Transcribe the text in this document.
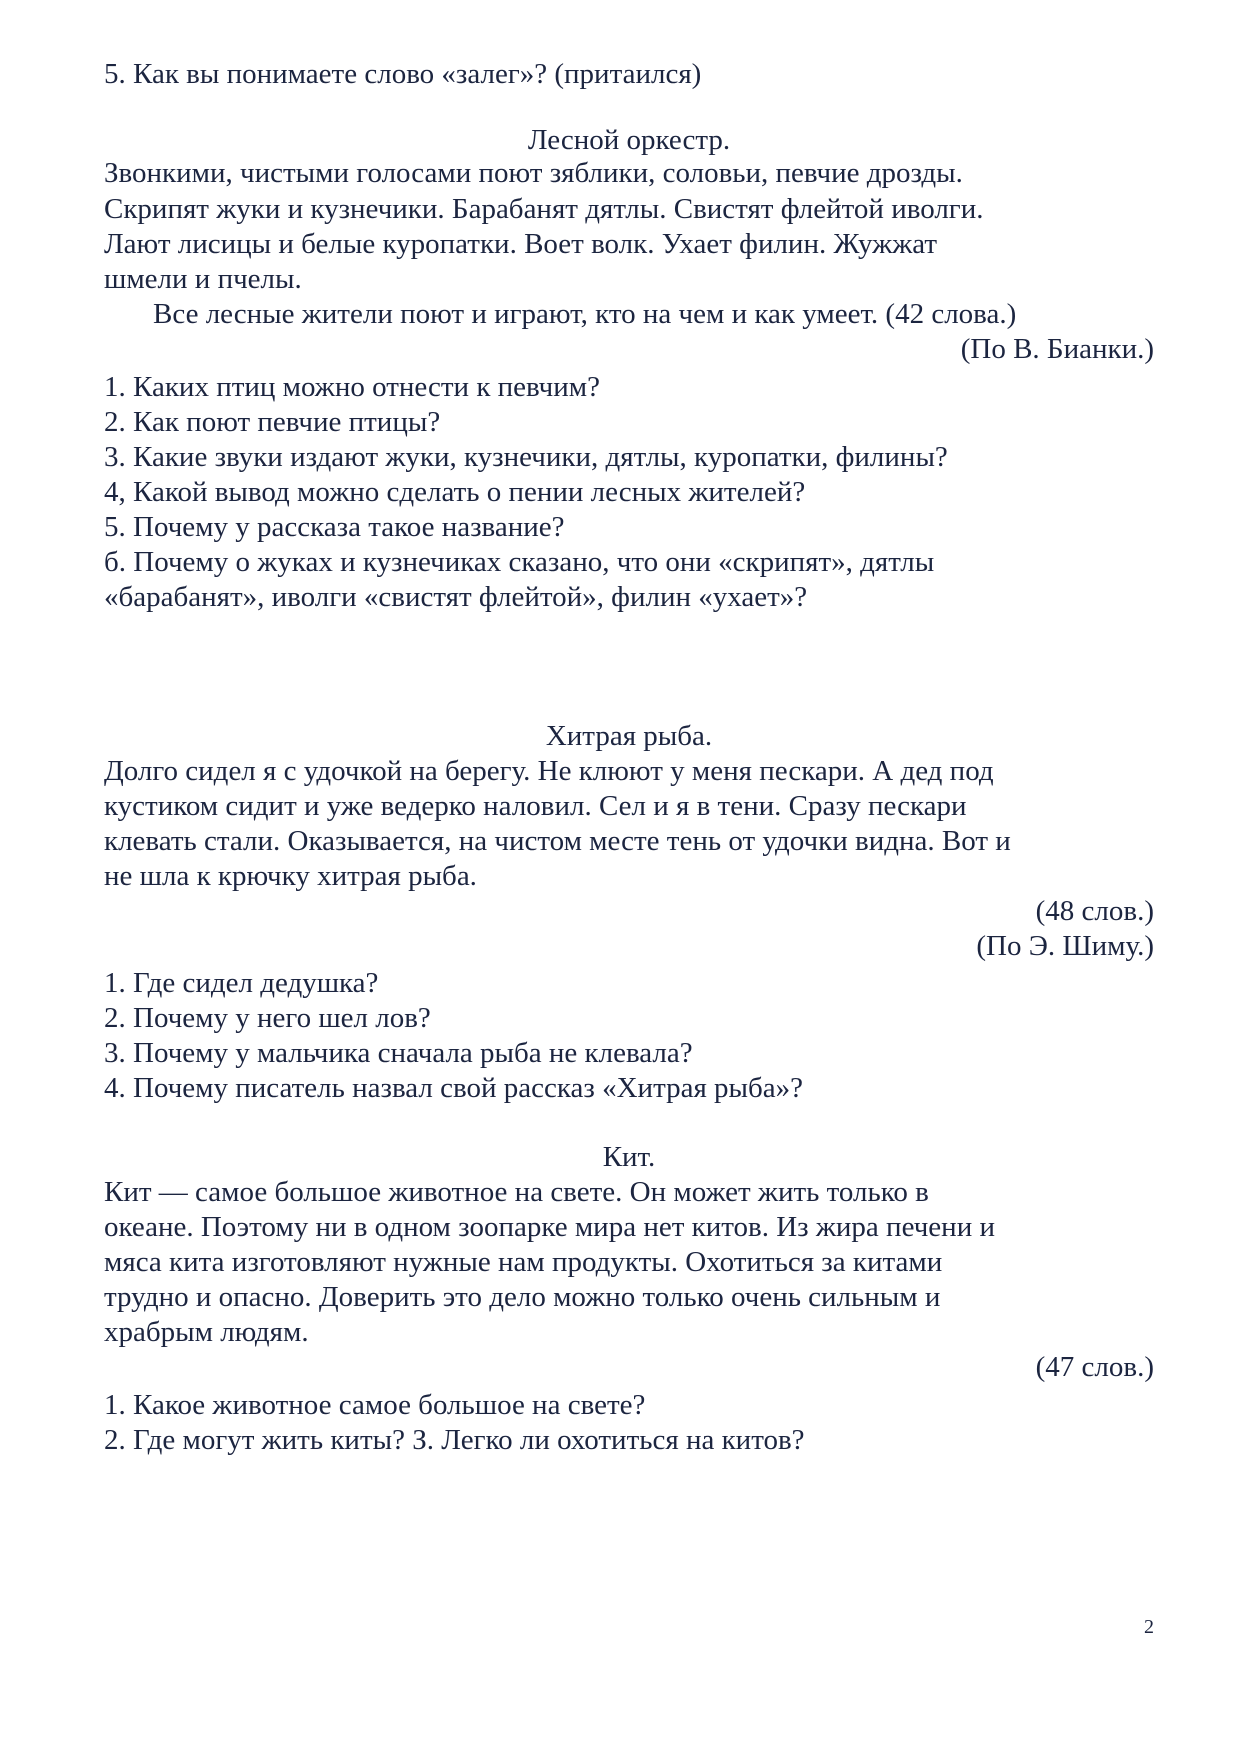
5. Как вы понимаете слово «залег»? (притаился)

Лесной оркестр.

Звонкими, чистыми голосами поют зяблики, соловьи, певчие дрозды.

Скрипят жуки и кузнечики. Барабанят дятлы. Свистят флейтой иволги.

Лают лисицы и белые куропатки. Воет волк. Ухает филин. Жужжат

шмели и пчелы.

Все лесные жители поют и играют, кто на чем и как умеет. (42 слова.)

(По В. Бианки.)

1. Каких птиц можно отнести к певчим?

2. Как поют певчие птицы?

3. Какие звуки издают жуки, кузнечики, дятлы, куропатки, филины?

4, Какой вывод можно сделать о пении лесных жителей?

5. Почему у рассказа такое название?

б. Почему о жуках и кузнечиках сказано, что они «скрипят», дятлы

«барабанят», иволги «свистят флейтой», филин «ухает»?

Хитрая рыба.

Долго сидел я с удочкой на берегу. Не клюют у меня пескари. А дед под

кустиком сидит и уже ведерко наловил. Сел и я в тени. Сразу пескари

клевать стали. Оказывается, на чистом месте тень от удочки видна. Вот и

не шла к крючку хитрая рыба.

(48 слов.)

(По Э. Шиму.)

1. Где сидел дедушка?

2. Почему у него шел лов?

3. Почему у мальчика сначала рыба не клевала?

4. Почему писатель назвал свой рассказ «Хитрая рыба»?

Кит.

Кит — самое большое животное на свете. Он может жить только в

океане. Поэтому ни в одном зоопарке мира нет китов. Из жира печени и

мяса кита изготовляют нужные нам продукты. Охотиться за китами

трудно и опасно. Доверить это дело можно только очень сильным и

храбрым людям.

(47 слов.)

1. Какое животное самое большое на свете?

2. Где могут жить киты? З. Легко ли охотиться на китов?

2
